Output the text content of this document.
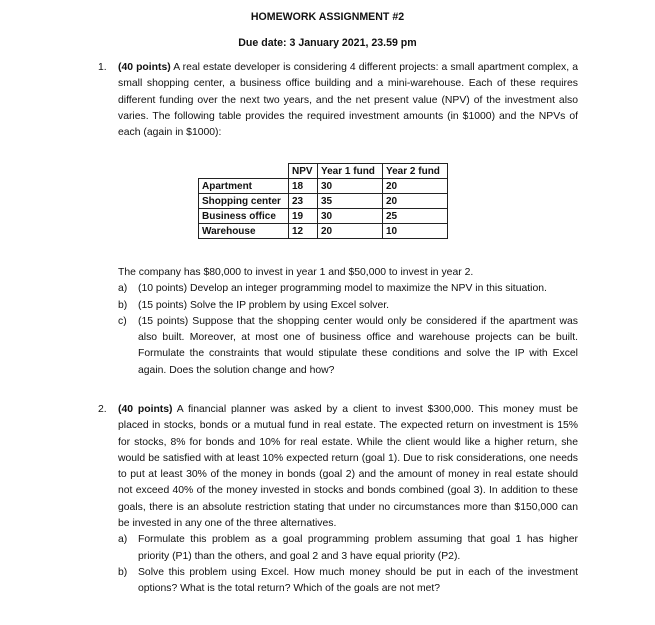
HOMEWORK ASSIGNMENT #2
Due date: 3 January 2021, 23.59 pm
1. (40 points) A real estate developer is considering 4 different projects: a small apartment complex, a small shopping center, a business office building and a mini-warehouse. Each of these requires different funding over the next two years, and the net present value (NPV) of the investment also varies. The following table provides the required investment amounts (in $1000) and the NPVs of each (again in $1000):
	NPV	Year 1 fund	Year 2 fund
Apartment	18	30	20
Shopping center	23	35	20
Business office	19	30	25
Warehouse	12	20	10
The company has $80,000 to invest in year 1 and $50,000 to invest in year 2.
a) (10 points) Develop an integer programming model to maximize the NPV in this situation.
b) (15 points) Solve the IP problem by using Excel solver.
c) (15 points) Suppose that the shopping center would only be considered if the apartment was also built. Moreover, at most one of business office and warehouse projects can be built. Formulate the constraints that would stipulate these conditions and solve the IP with Excel again. Does the solution change and how?
2. (40 points) A financial planner was asked by a client to invest $300,000. This money must be placed in stocks, bonds or a mutual fund in real estate. The expected return on investment is 15% for stocks, 8% for bonds and 10% for real estate. While the client would like a higher return, she would be satisfied with at least 10% expected return (goal 1). Due to risk considerations, one needs to put at least 30% of the money in bonds (goal 2) and the amount of money in real estate should not exceed 40% of the money invested in stocks and bonds combined (goal 3). In addition to these goals, there is an absolute restriction stating that under no circumstances more than $150,000 can be invested in any one of the three alternatives.
a) Formulate this problem as a goal programming problem assuming that goal 1 has higher priority (P1) than the others, and goal 2 and 3 have equal priority (P2).
b) Solve this problem using Excel. How much money should be put in each of the investment options? What is the total return? Which of the goals are not met?
